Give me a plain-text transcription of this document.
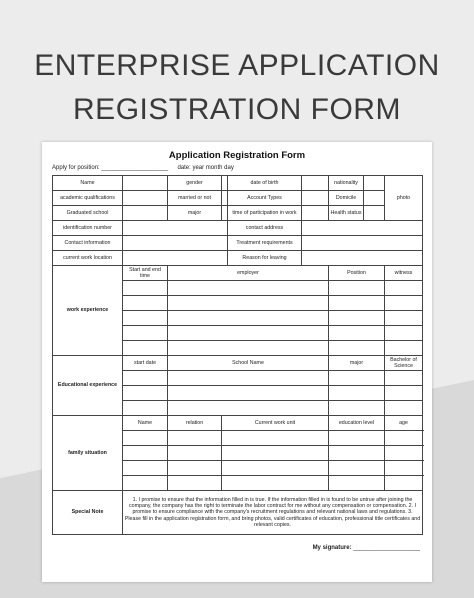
ENTERPRISE APPLICATION
REGISTRATION FORM
Application Registration Form
Apply for position: ____________________ date: year month day
Name		gender		date of birth		nationality		photo
academic qualifications		married or not		Account Types		Domicile		
Graduated school		major		time of participation in work		Health status		
identification number				contact address				
Contact information				Treatment requirements				
current work location				Reason for leaving				
work experience	Start and end time	employer				Position		witness

Educational experience	start date	School Name				major		Bachelor of Science

family situation	Name	relation	Current work unit			education level		age

Special Note	1. I promise to ensure that the information filled in is true. If the information filled in is found to be untrue after joining the company, the company has the right to terminate the labor contract for me without any compensation or compensation. 2. I promise to ensure compliance with the company's recruitment regulations and relevant national laws and regulations. 3. Please fill in the application registration form, and bring photos, valid certificates of education, professional title certificates and relevant copies.							
My signature: ____________________
